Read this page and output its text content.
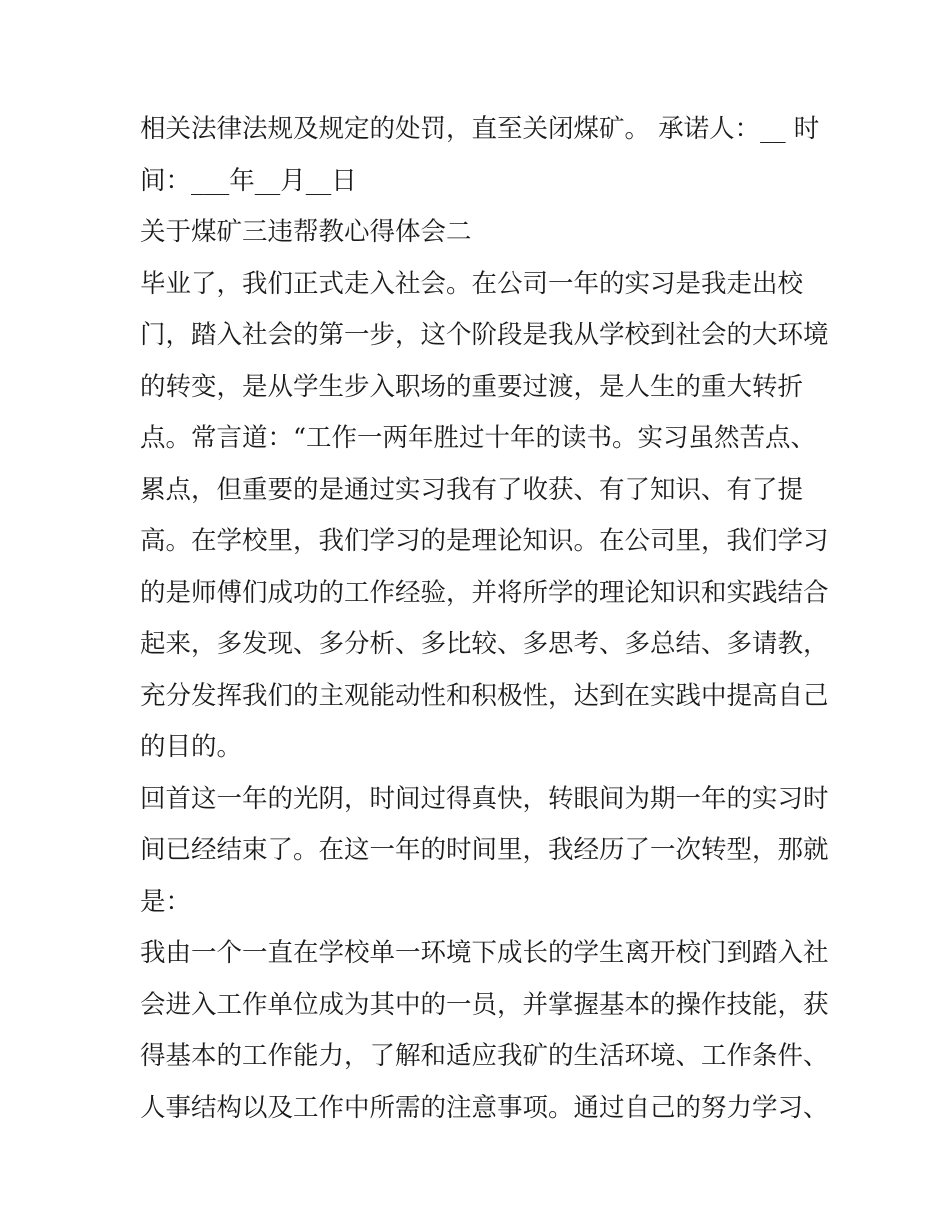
相关法律法规及规定的处罚，直至关闭煤矿。 承诺人：__ 时
间：___年__月__日
关于煤矿三违帮教心得体会二
毕业了，我们正式走入社会。在公司一年的实习是我走出校
门，踏入社会的第一步，这个阶段是我从学校到社会的大环境
的转变，是从学生步入职场的重要过渡，是人生的重大转折
点。常言道：“工作一两年胜过十年的读书。实习虽然苦点、
累点，但重要的是通过实习我有了收获、有了知识、有了提
高。在学校里，我们学习的是理论知识。在公司里，我们学习
的是师傅们成功的工作经验，并将所学的理论知识和实践结合
起来，多发现、多分析、多比较、多思考、多总结、多请教，
充分发挥我们的主观能动性和积极性，达到在实践中提高自己
的目的。
回首这一年的光阴，时间过得真快，转眼间为期一年的实习时
间已经结束了。在这一年的时间里，我经历了一次转型，那就
是：
我由一个一直在学校单一环境下成长的学生离开校门到踏入社
会进入工作单位成为其中的一员，并掌握基本的操作技能，获
得基本的工作能力，了解和适应我矿的生活环境、工作条件、
人事结构以及工作中所需的注意事项。通过自己的努力学习、
